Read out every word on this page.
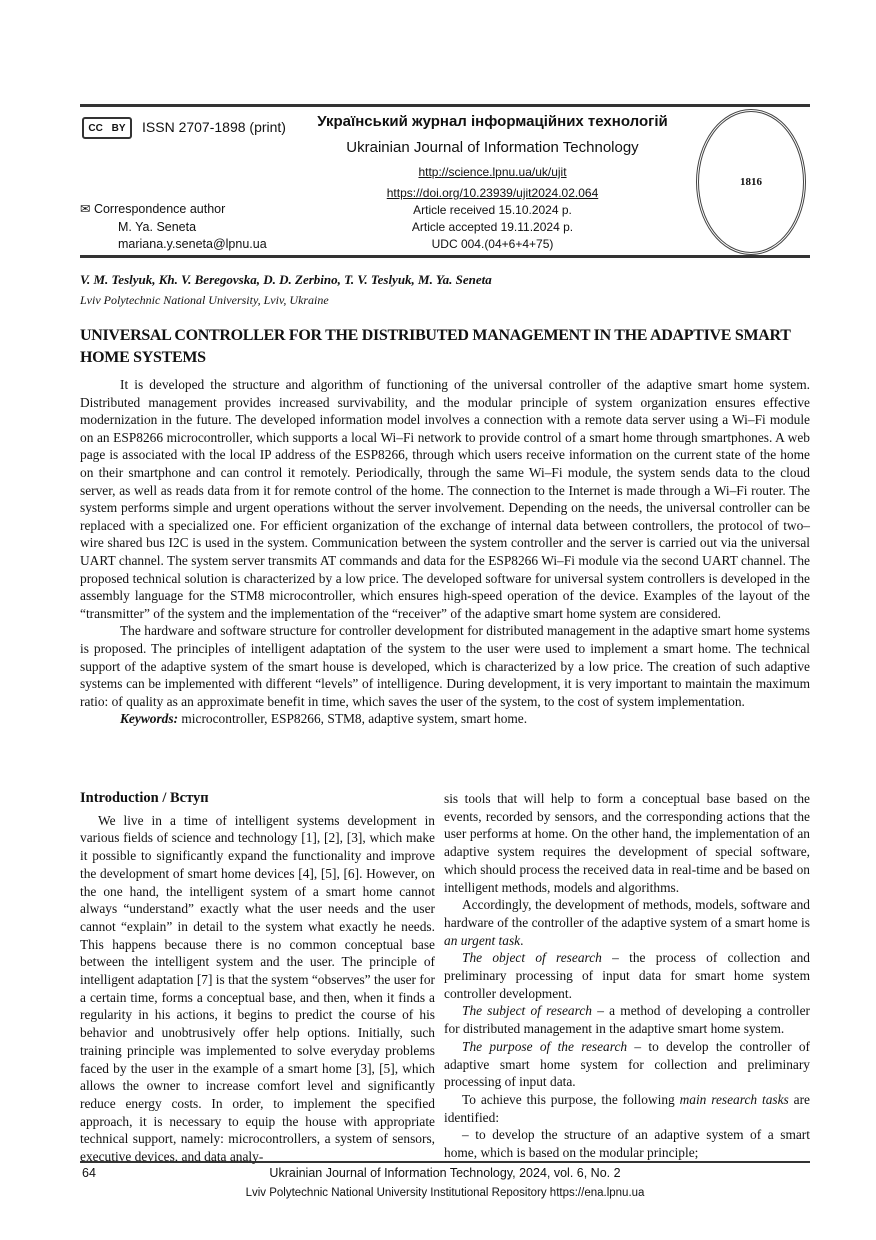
CC BY ISSN 2707-1898 (print)	Український журнал інформаційних технологій
Ukrainian Journal of Information Technology
http://science.lpnu.ua/uk/ujit
https://doi.org/10.23939/ujit2024.02.064
Article received 15.10.2024 p.
Article accepted 19.11.2024 p.
UDC 004.(04+6+4+75)
✉ Correspondence author
M. Ya. Seneta
mariana.y.seneta@lpnu.ua
1816
V. M. Teslyuk, Kh. V. Beregovska, D. D. Zerbino, T. V. Teslyuk, M. Ya. Seneta
Lviv Polytechnic National University, Lviv, Ukraine
UNIVERSAL CONTROLLER FOR THE DISTRIBUTED MANAGEMENT IN THE ADAPTIVE SMART HOME SYSTEMS

It is developed the structure and algorithm of functioning of the universal controller of the adaptive smart home system. Distributed management provides increased survivability, and the modular principle of system organization ensures effective modernization in the future. The developed information model involves a connection with a remote data server using a Wi–Fi module on an ESP8266 microcontroller, which supports a local Wi–Fi network to provide control of a smart home through smartphones. A web page is associated with the local IP address of the ESP8266, through which users receive information on the current state of the home on their smartphone and can control it remotely. Periodically, through the same Wi–Fi module, the system sends data to the cloud server, as well as reads data from it for remote control of the home. The connection to the Internet is made through a Wi–Fi router. The system performs simple and urgent operations without the server involvement. Depending on the needs, the universal controller can be replaced with a specialized one. For efficient organization of the exchange of internal data between controllers, the protocol of two–wire shared bus I2C is used in the system. Communication between the system controller and the server is carried out via the universal UART channel. The system server transmits AT commands and data for the ESP8266 Wi–Fi module via the second UART channel. The proposed technical solution is characterized by a low price. The developed software for universal system controllers is developed in the assembly language for the STM8 microcontroller, which ensures high-speed operation of the device. Examples of the layout of the “transmitter” of the system and the implementation of the “receiver” of the adaptive smart home system are considered.

The hardware and software structure for controller development for distributed management in the adaptive smart home systems is proposed. The principles of intelligent adaptation of the system to the user were used to implement a smart home. The technical support of the adaptive system of the smart house is developed, which is characterized by a low price. The creation of such adaptive systems can be implemented with different “levels” of intelligence. During development, it is very important to maintain the maximum ratio: of quality as an approximate benefit in time, which saves the user of the system, to the cost of system implementation.

Keywords: microcontroller, ESP8266, STM8, adaptive system, smart home.

Introduction / Вступ

We live in a time of intelligent systems development in various fields of science and technology [1], [2], [3], which make it possible to significantly expand the functionality and improve the development of smart home devices [4], [5], [6]. However, on the one hand, the intelligent system of a smart home cannot always “understand” exactly what the user needs and the user cannot “explain” in detail to the system what exactly he needs. This happens because there is no common conceptual base between the intelligent system and the user. The principle of intelligent adaptation [7] is that the system “observes” the user for a certain time, forms a conceptual base, and then, when it finds a regularity in his actions, it begins to predict the course of his behavior and unobtrusively offer help options. Initially, such training principle was implemented to solve everyday problems faced by the user in the example of a smart home [3], [5], which allows the owner to increase comfort level and significantly reduce energy costs. In order, to implement the specified approach, it is necessary to equip the house with appropriate technical support, namely: microcontrollers, a system of sensors, executive devices, and data analy-

sis tools that will help to form a conceptual base based on the events, recorded by sensors, and the corresponding actions that the user performs at home. On the other hand, the implementation of an adaptive system requires the development of special software, which should process the received data in real-time and be based on intelligent methods, models and algorithms.

Accordingly, the development of methods, models, software and hardware of the controller of the adaptive system of a smart home is an urgent task.

The object of research – the process of collection and preliminary processing of input data for smart home system controller development.

The subject of research – a method of developing a controller for distributed management in the adaptive smart home system.

The purpose of the research – to develop the controller of adaptive smart home system for collection and preliminary processing of input data.

To achieve this purpose, the following main research tasks are identified:

– to develop the structure of an adaptive system of a smart home, which is based on the modular principle;

64	Ukrainian Journal of Information Technology, 2024, vol. 6, No. 2
Lviv Polytechnic National University Institutional Repository https://ena.lpnu.ua
